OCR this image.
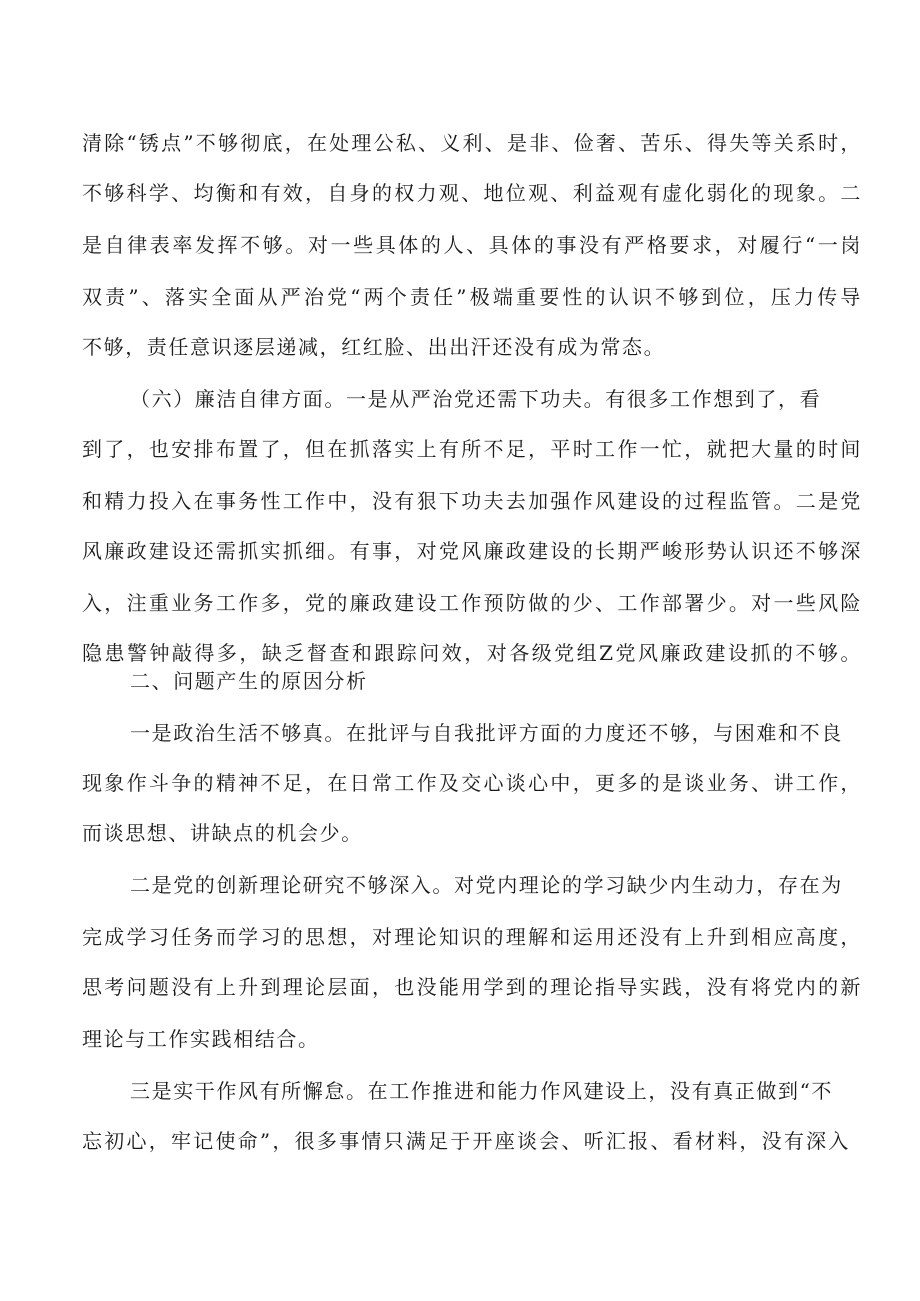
清除“锈点”不够彻底，在处理公私、义利、是非、俭奢、苦乐、得失等关系时，
不够科学、均衡和有效，自身的权力观、地位观、利益观有虚化弱化的现象。二
是自律表率发挥不够。对一些具体的人、具体的事没有严格要求，对履行“一岗
双责”、落实全面从严治党“两个责任”极端重要性的认识不够到位，压力传导
不够，责任意识逐层递减，红红脸、出出汗还没有成为常态。
（六）廉洁自律方面。一是从严治党还需下功夫。有很多工作想到了，看
到了，也安排布置了，但在抓落实上有所不足，平时工作一忙，就把大量的时间
和精力投入在事务性工作中，没有狠下功夫去加强作风建设的过程监管。二是党
风廉政建设还需抓实抓细。有事，对党风廉政建设的长期严峻形势认识还不够深
入，注重业务工作多，党的廉政建设工作预防做的少、工作部署少。对一些风险
隐患警钟敲得多，缺乏督查和跟踪问效，对各级党组Z党风廉政建设抓的不够。
二、问题产生的原因分析
一是政治生活不够真。在批评与自我批评方面的力度还不够，与困难和不良
现象作斗争的精神不足，在日常工作及交心谈心中，更多的是谈业务、讲工作，
而谈思想、讲缺点的机会少。
二是党的创新理论研究不够深入。对党内理论的学习缺少内生动力，存在为
完成学习任务而学习的思想，对理论知识的理解和运用还没有上升到相应高度，
思考问题没有上升到理论层面，也没能用学到的理论指导实践，没有将党内的新
理论与工作实践相结合。
三是实干作风有所懈怠。在工作推进和能力作风建设上，没有真正做到“不
忘初心，牢记使命”，很多事情只满足于开座谈会、听汇报、看材料，没有深入
